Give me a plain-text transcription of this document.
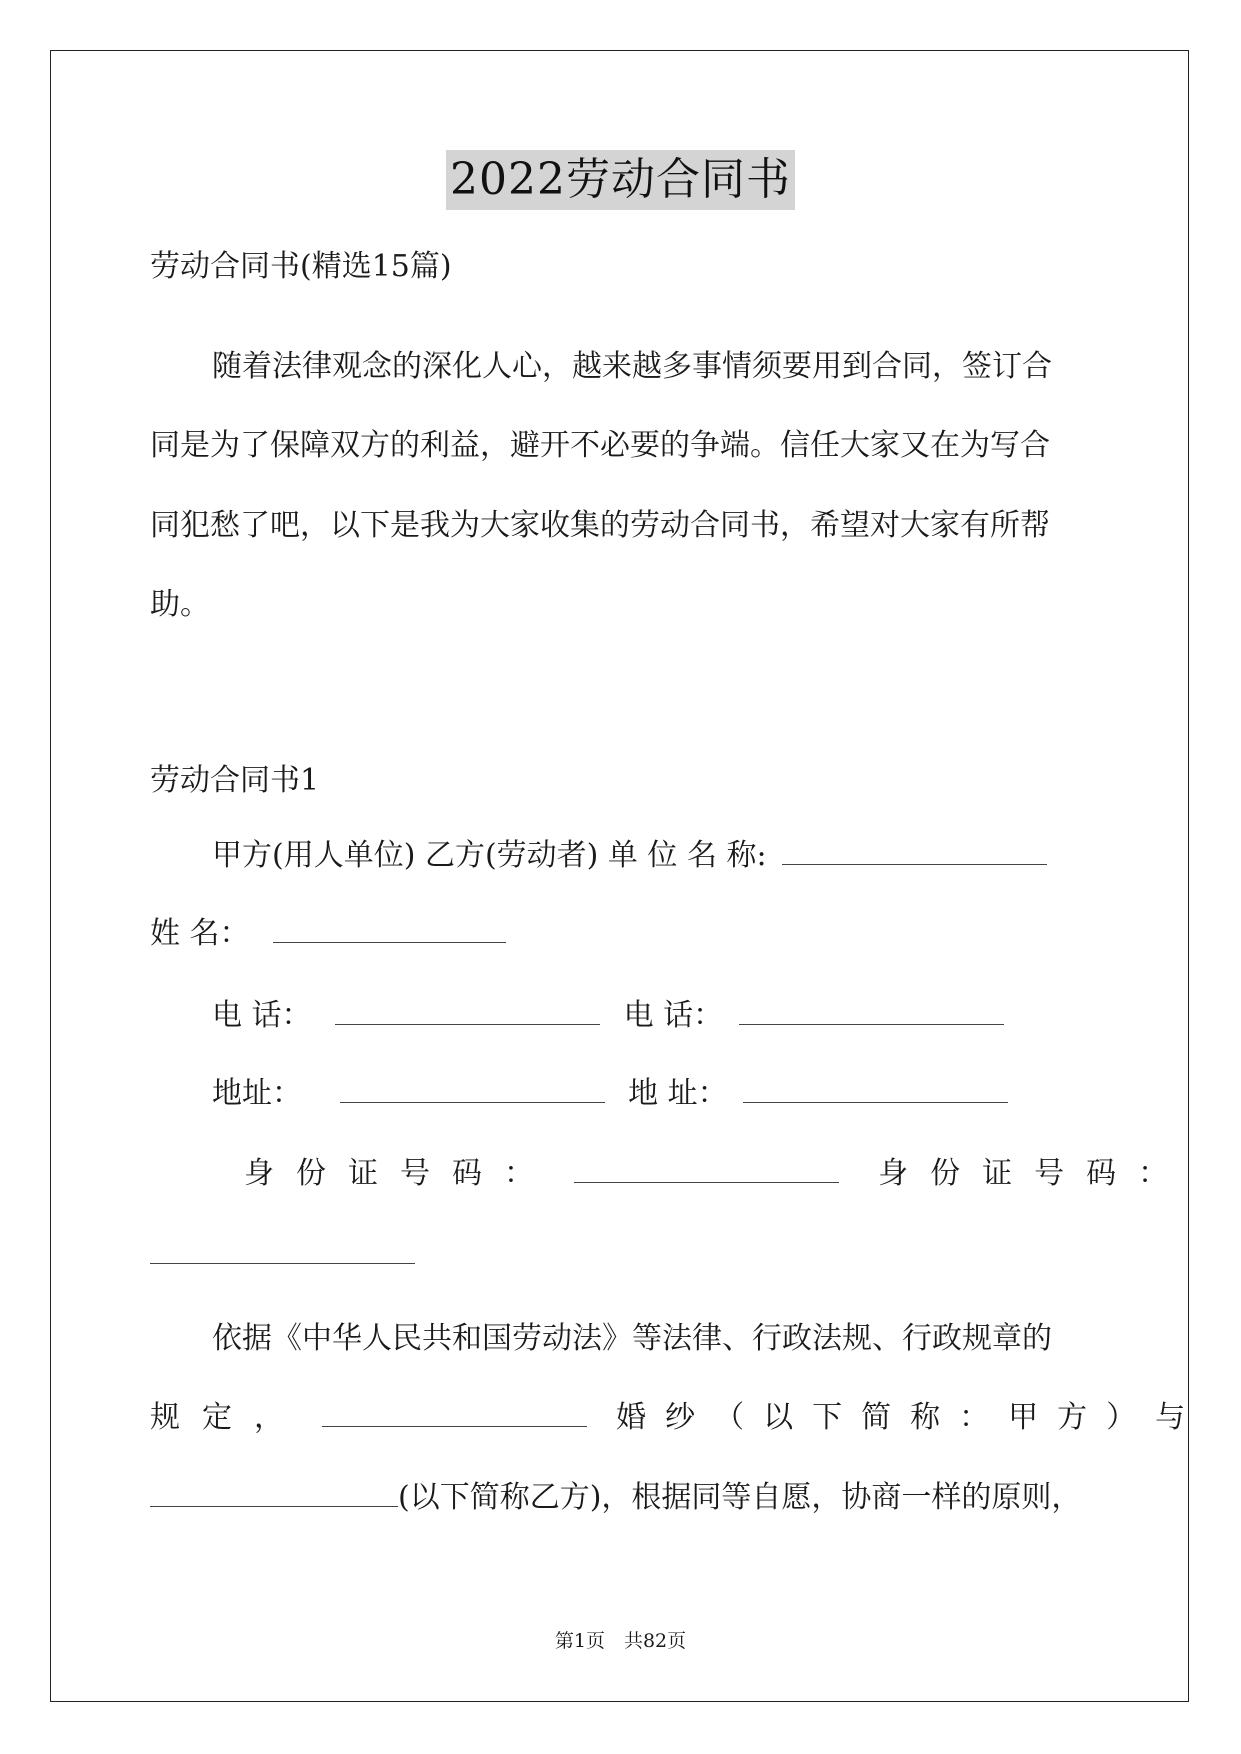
2022劳动合同书
劳动合同书(精选15篇)
随着法律观念的深化人心，越来越多事情须要用到合同，签订合
同是为了保障双方的利益，避开不必要的争端。信任大家又在为写合
同犯愁了吧，以下是我为大家收集的劳动合同书，希望对大家有所帮
助。
劳动合同书1
甲方(用人单位) 乙方(劳动者) 单 位 名 称:
姓 名：
电 话：	电 话：
地址：	地 址：
身份证号码：	身份证号码：
依据《中华人民共和国劳动法》等法律、行政法规、行政规章的
规定，	婚纱（以下简称：甲方）与
(以下简称乙方)，根据同等自愿，协商一样的原则，
第1页　共82页
